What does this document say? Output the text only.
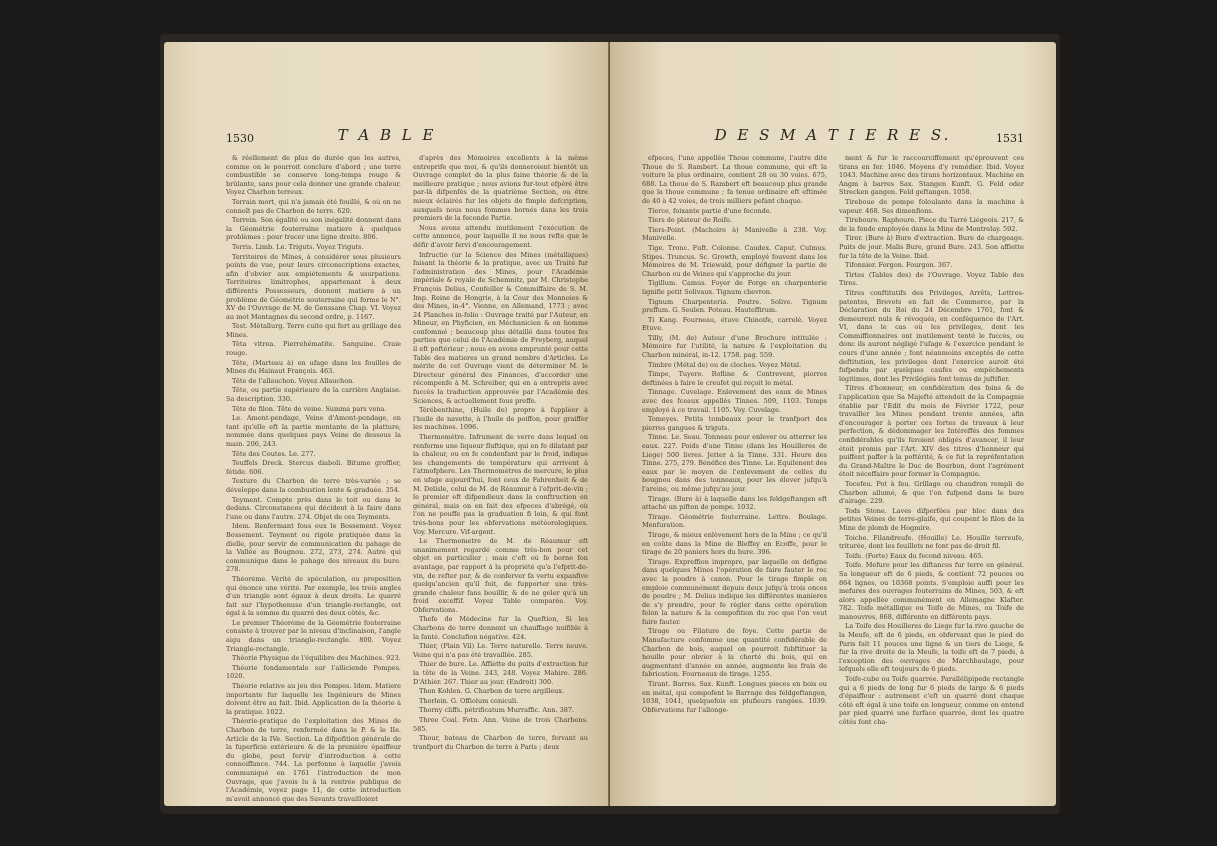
1530	T A B L E

& réellement de plus de durée que les autres, comme on le pourroit conclure d'abord ; une terre combustible se conserve long-temps rouge & brûlante, sans pour cela donner une grande chaleur. Voyez Charbon terreux.

Terrain mort, qui n'a jamais été fouillé, & où on ne connoît pas de Charbon de terre. 620.

Terrein. Son égalité ou son inégalité donnent dans la Géométrie fouterraine matiere à quelques problèmes : pour tracer une ligne droite. 806.

Terris. Limb. Le. Triguts. Voyez Triguts.

Territoires de Mines, à considérer sous plusieurs points de vue, pour leurs circonscriptions exactes, afin d'obvier aux empiétements & usurpations. Territoires limitrophes, appartenant à deux différents Possesseurs, donnent matiere à un problème de Géométrie souterraine qui forme le N°. XV de l'Ouvrage de M. de Genssane Chap. VI. Voyez au mot Montagnes du second ordre, p. 1167.

Test. Métallurg. Terre cuite qui fert au grillage des Mines.

Têta vitrea. Pierrehématite. Sanguine. Craie rouge.

Tête, (Marteau à) en ufage dans les fouilles de Mines du Hainaut François. 463.

Tête de l'allauchon. Voyez Allauchon.

Tête, ou partie supérieure de la carrière Anglaise. Sa description. 330.

Tête de filon. Tête de veine. Summa pars vena.

Le. Amont-pendage, Veine d'Amont-pendage, en tant qu'elle eft la partie montante de la platture, nommée dans quelques pays Veine de dessous la main. 206, 243.

Tête des Coutes. Le. 277.

Teuffels Dreck. Stercus diaboli. Bitume groffier, fétide. 606.

Texture du Charbon de terre très-variée ; se développe dans la combustion lente & graduée. 354.

Teyment. Compte près dans le toit ou dans le dedans. Circonstances qui décident à la faire dans l'une ou dans l'autre. 274. Objet de ces Teyments.

Idem. Renfermant fous eux le Bossement. Voyez Bossement. Teyment ou rigole pratiquée dans la dielle, pour servir de communication du pahage de la Vallée au Bougnou. 272, 273, 274. Autre qui communique dans le pahage des niveaux du bure. 278.

Théorème. Vérité de spéculation, ou proposition qui énonce une vérité. Par exemple, les trois angles d'un triangle sont égaux à deux droits. Le quarré fait sur l'hypothenuse d'un triangle-rectangle, est égal à la somme du quarré des deux côtés, &c.

Le premier Théorème de la Géométrie fouterraine consiste à trouver par le niveau d'inclinaison, l'angle aigu dans un triangle-rectangle. 800. Voyez Triangle-rectangle.

Théorie Physique de l'équilibre des Machines. 923.

Théorie fondamentale sur l'alliciende Pompes. 1020.

Théorie relative au jeu des Pompes. Idem. Matiere importante fur laquelle les Ingénieurs de Mines doivent être au fait. Ibid. Application de la théorie à la pratique. 1022.

Théorie-pratique de l'exploitation des Mines de Charbon de terre, renfermée dans le P. & le IIe. Article de la IVe. Section. La difpofition générale de la fuperficie extérieure & de la première épaiffeur du globe, peut fervir d'introduction à cette connoiffance. 744. La perfonne à laquelle j'avois communiqué en 1761 l'introduction de mon Ouvrage, que j'avois lu à la rentrée publique de l'Académie, voyez page 11, de cette introduction m'avoit annoncé que des Savants travailloient

d'après des Mémoires excellents à la même entreprife que moi, & qu'ils donneroient bientôt un Ouvrage complet de la plus faine théorie & de la meilleure pratique ; nous avions fur-tout efpéré être par-là difpenfés de la quatrième Section, ou être mieux éclairés fur les objets de fimple defcription, auxquels nous nous fommes bornés dans les trois premiers de la feconde Partie.

Nous avons attendu inutilement l'exécution de cette annonce, pour laquelle il ne nous refte que le défir d'avoir fervi d'encouragement.

Infructio (ur la Science des Mines (métalliques) faisant la théorie & la pratique, avec un Traité fur l'administration des Mines, pour l'Académie impériale & royale de Schemnitz, par M. Christophe François Delius, Confeiller & Commiffaire de S. M. Imp. Reine de Hongrie, à la Cour des Monnoies & des Mines, in-4°. Vienne, en Allemand, 1773 ; avec 24 Planches in-folio : Ouvrage traité par l'Auteur, en Mineur, en Phyficien, en Méchanicien & en homme confommé ; beaucoup plus détaillé dans toutes fes parties que celui de l'Académie de Freyberg, auquel il eft poftérieur ; nous en avons emprunté pour cette Table des matieres un grand nombre d'Articles. Le mérite de cet Ouvrage vient de déterminer M. le Directeur général des Finances, d'accorder une récompenfe à M. Schreiber, qui en a entrepris avec fuccès la traduction approuvée par l'Académie des Sciences, & actuellement fous preffe.

Térébenthine, (Huile de) propre à fuppléer à l'huile de navette, à l'huile de poiffon, pour graiffer les machines. 1096.

Thermomètre. Infrument de verre dans lequel on renferme une liqueur fluftique, qui en fe dilatant par la chaleur, ou en fe condenfant par le froid, indique les changements de température qui arrivent à l'atmofphere. Les Thermomètres de mercure, le plus en ufage aujourd'hui, font ceux de Fahrenheit & de M. Delisle, celui de M. de Réaumur à l'efprit-de-vin ; le premier eft difpendieux dans la conftruction en général, mais on en fait des efpeces d'abrégé, où l'on ne pouffe pas la graduation fi loin, & qui font très-bons pour les obfervations météorologiques. Voy. Mercure. Vif-argent.

Le Thermometre de M. de Réaumur eft unanimement regardé comme très-bon pour cet objet en particulier ; mais c'eft où fe borne fon avantage, par rapport à la propriété qu'a l'efprit-de-vin, de refter pur, & de conferver fa vertu expanfive quelqu'ancien qu'il foit, de fupporter une très-grande chaleur fans bouillir, & de ne geler qu'à un froid exceffif. Voyez Table comparée. Voy. Obfervations.

Thefe de Médecine fur la Queftion, Si les Charbons de terre donnent un chauffage nuifible à la fanté. Conclufion négative. 424.

Thier, (Plain Vil) Le. Terre naturelle. Terre neuve. Veine qui n'a pas été travaillée. 285.

Thier de bure. Le. Affiette du puits d'extraction fur la tête de la Veine. 243, 248. Voyez Mahire. 286. D'Athier. 267. Thier au jour. (Endroit) 300.

Thon Kohlen. G. Charbon de terre argilleux.

Thorlein. G. Offiolum coniculi.

Thorny cliffs. pétrificatum Murraffic. Ann. 387.

Three Coal. Fetn. Ann. Veine de trois Charbons. 585.

Thour, bateau de Charbon de terre, fervant au tranfport du Charbon de terre à Paris ; deux

D E S M A T I E R E S.	1531

efpeces, l'une appellée Thoue commune, l'autre dite Thoue de S. Rambert. La thoue commune, qui eft la voiture la plus ordinaire, contient 28 ou 30 voies. 675, 688. La thoue de S. Rambert eft beaucoup plus grande que la thoue commune ; fa tenue ordinaire eft eftimée de 40 à 42 voies, de trois milliers pefant chaque.

Tierce, foixante partie d'une feconde.

Tiers de plateur de Roife.

Tiers-Point. (Machoire à) Manivelle à 238. Voy. Manivelle.

Tige. Tronc. Fuft. Colonne. Caudex. Caput. Culmus. Stipes. Truncus. Sc. Growth, employé fouvent dans les Mémoires de M. Triewald, pour défigner la partie de Charbon ou de Veines qui s'approche du jour.

Tigillum. Camus. Foyer de Forge en charpenterie lignifie petit Solivaux. Tignum chevron.

Tignum Charpenteria. Poutre. Solive. Tignum preffum. G. Seulen. Poteau. Hauteffirum.

Ti Kang. Fourneau, étuve Chinoife, carrelé. Voyez Etuve.

Tilly, (M. de) Auteur d'une Brochure intitulée : Mémoire fur l'utilité, la nature & l'exploitation du Charbon minéral, in-12. 1758. pag. 559.

Timbre (Métal de) ou de cloches. Voyez Métal.

Timpe, Tuyere. Rofline & Contrevent, pierres deftinées à faire le creufet qui reçoit le métal.

Tinnage. Cuvelage. Enlevement des eaux de Mines avec des fceaux appellés Tinnes. 509, 1103. Temps employé à ce travail. 1105. Voy. Cuvelage.

Tomeyes. Petits tombeaux pour le tranfport des pierres gangues & triguts.

Tinne. Le. Seau. Tonneau pour enlever ou atterrer les eaux. 227. Poids d'une Tinne (dans les Houilleres de Liege) 500 livres. Jetter à la Tinne. 331. Heure des Tinne. 275, 279. Bénéfice des Tinne. Le. Equilenent des eaux par le moyen de l'enlevement de celles du bougnou dans des tonneaux, pour les élever jufqu'à l'areine, ou même jufqu'au jour.

Tirage. (Bure à) à laquelle dans les feldgeftangen eft attaché un pifton de pompe. 1032.

Tirage. Géométrie fouterraine. Lettre. Boulage. Menfuration.

Tirage, & mieux enlèvement hors de la Mine ; ce qu'il en coûte dans la Mine de Bleffey en Ecoffe, pour le tirage de 20 paniers hors du bure. 396.

Tirage. Expreffion impropre, par laquelle on défigne dans quelques Mines l'opération de faire fauter le roc avec la poudre à canon. Pour le tirage fimple on emploie communément depuis deux jufqu'à trois onces de poudre ; M. Delius indique les différentes manieres de s'y prendre, pour fe régler dans cette opération felon la nature & la compofition du roc que l'on veut faire fauter.

Tirage ou Filature de foye. Cette partie de Manufacture confomme une quantité confidérable de Charbon de bois, auquel on pourroit fubftituer la houille pour obvier à la cherté du bois, qui en augmentant d'année en année, augmente les frais de fabrication. Fourneaux de tirage. 1255.

Tirant. Barres. Sax. Kunft. Longues pieces en bois ou en métal, qui compofent le Barrage des feldgeftangen, 1038, 1041, quelquefois en plufieurs rangées. 1039. Obfervations fur l'allonge-

ment & fur le raccourciffement qu'éprouvent ces tirans en fer. 1046. Moyens d'y remédier. Ibid. Voyez 1043. Machine avec des tirans horizontaux. Machine en Angm à barres Sax. Stangen Kunft. G. Feld oder Strecken gangen. Feld geftangen. 1058.

Tireboue de pompe foloulante dans la machine à vapeur. 468. Ses dimenfions.

Tireboure. Raphoure. Piece du Tarré Liégeois. 217, & de la fonde employée dans la Mine de Montrelay. 592.

Tirer. (Bure à) Bure d'extraction. Bure de chargeage. Puits de jour. Malis Bure, grand Bure. 243. Son affiette fur la tête de la Veine. Ibid.

Tifonnier. Fergon. Fourgon. 367.

Tirtes (Tables des) de l'Ouvrage. Voyez Table des Tires.

Titres conftitutifs des Privileges, Arrêts, Lettres-patentes, Brevets en fait de Commerce, par la Déclaration du Roi du 24 Décembre 1761, font & demeurent nuls & révoqués, en conféquence de l'Art. VI, dans le cas où les privileges, dont les Commiffionnaires ont inutilement tenté le fuccès, ou donc ils auront négligé l'ufage & l'exercice pendant le cours d'une année ; font néanmoins exceptés de cette deftitution, les privileges dont l'exercice auroit été fufpendu par quelques caufes ou empêchements légitimes, dont les Privilégiés font tenus de juftifier.

Titres d'honneur, en confidération des foins & de l'application que Sa Majefté attendoit de la Compagnie établie par l'Edit du mois de Février 1722, pour travailler les Mines pendant trente années, afin d'encourager à porter ces fortes de travaux à leur perfection, & dédommager les Intéreffés des fommes confidérables qu'ils feroient obligés d'avancer, il leur étoit promis par l'Art. XIV des titres d'honneur qui puiffent paffer à la poftérité, & ce fut la repréfentation du Grand-Maître le Duc de Bourbon, dont l'agrément étoit néceffaire pour former la Compagnie.

Tocefeu. Pot à feu. Grillage ou chaudron rempli de Charbon allumé, & que l'on fufpend dans le bure d'airage. 229.

Tods Stone. Laves difperfées par bloc dans des petites Veines de terre-glaife, qui coupent le filon de la Mine de plomb de Hogmire.

Toiche. Filandreufe. (Houille) Le. Houille terreufe, triturée, dont les feuillets ne font pas de droit fil.

Toife. (Forte) Eaux du fecond niveau. 465.

Toife. Mefure pour les diftances fur terre en général. Sa longueur eft de 6 pieds, & contient 72 pouces ou 864 lignes, ou 10368 points. S'emploie auffi pour les mefures des ouvrages fouterrains de Mines, 503, & eft alors appellée communément en Allemagne Klafter. 782. Toife métallique ou Toife de Mines, ou Toife de manouvres, 868, différente en différents pays.

La Toife des Houilleres de Liege fur la rive gauche de la Meufe, eft de 6 pieds, en obfervant que le pied de Paris fait 11 pouces une ligne & un tiers de Liege, & fur la rive droite de la Meufe, la toife eft de 7 pieds, à l'exception des ouvrages de Marchbaulage, pour lefquels elle eft toujours de 6 pieds.

Toife-cube ou Toife quarrée. Parallélipipede rectangle qui a 6 pieds de long fur 6 pieds de large & 6 pieds d'épaiffeur : autrement c'eft un quarré dont chaque côté eft égal à une toife en longueur, comme on entend par pied quarré une furface quarrée, dont les quatre côtés font cha-
